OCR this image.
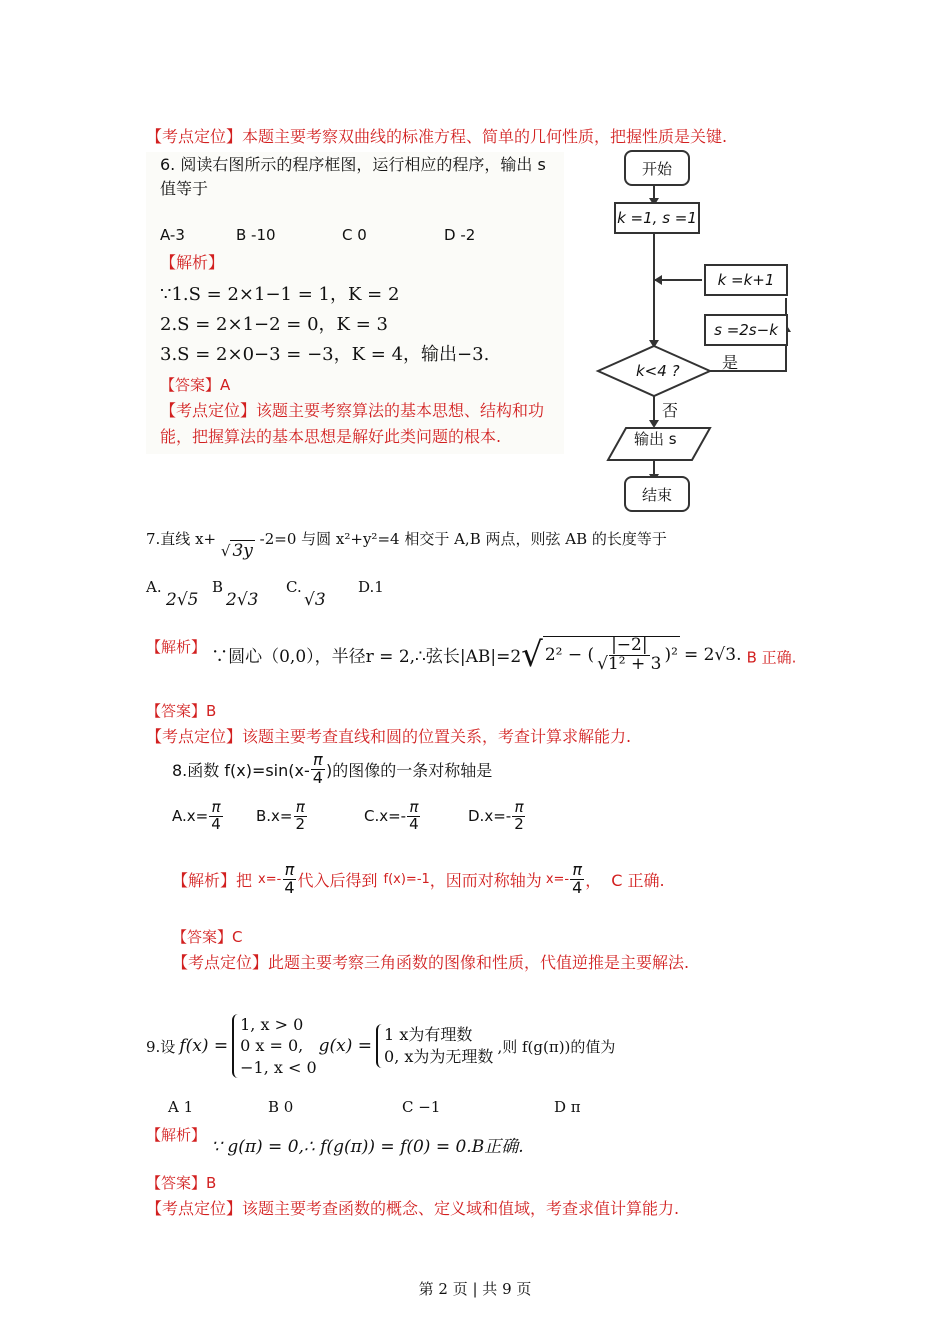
【考点定位】本题主要考察双曲线的标准方程、简单的几何性质，把握性质是关键.
6. 阅读右图所示的程序框图，运行相应的程序，输出 s
值等于
A-3	B -10	C 0	D -2
【解析】
∵1.S = 2×1−1 = 1，K = 2
2.S = 2×1−2 = 0，K = 3
3.S = 2×0−3 = −3，K = 4，输出−3.
【答案】A
【考点定位】该题主要考察算法的基本思想、结构和功
能，把握算法的基本思想是解好此类问题的根本.
开始
k =1, s =1
k =k+1
s =2s−k
是
k<4 ?
否
输出 s
结束
7.直线 x+ √ 3y -2=0 与圆 x²+y²=4 相交于 A,B 两点，则弦 AB 的长度等于
A.
2√5
B
2√3
C.
√3
D.1
【解析】
∵圆心（0,0），半径r = 2,∴弦长|AB|=2 √ 2² − ( $\frac{|-2|}{\text{√1² + 3}} )^2 = 2√3$. B 正确.
【答案】B
【考点定位】该题主要考查直线和圆的位置关系，考查计算求解能力.
8.函数 $f(x)=\sin(x- \frac{\pi}{4}$ )的图像的一条对称轴是
$A.x= \frac{\pi}{4} B.x= \frac{\pi}{2}$	$C.x=- \frac{\pi}{4}$	$D.x=- \frac{\pi}{2}$
【解析】 把 $x=- \frac{\pi}{4}$ 代入后得到 f(x)=-1 ，因而对称轴为 $x=- \frac{\pi}{4}$ ， C 正确.
【答案】C
【考点定位】此题主要考察三角函数的图像和性质，代值逆推是主要解法.
9.设 f(x) =
1, x > 0
0 x = 0,
−1, x < 0
g(x) =
1 x为有理数
0, x为为无理数
,则 f(g(π))的值为
A 1	B 0	C −1	D π
【解析】 ∵ g(π) = 0,∴ f(g(π)) = f(0) = 0.B正确.
【答案】B
【考点定位】该题主要考查函数的概念、定义域和值域，考查求值计算能力.
第 2 页 | 共 9 页
